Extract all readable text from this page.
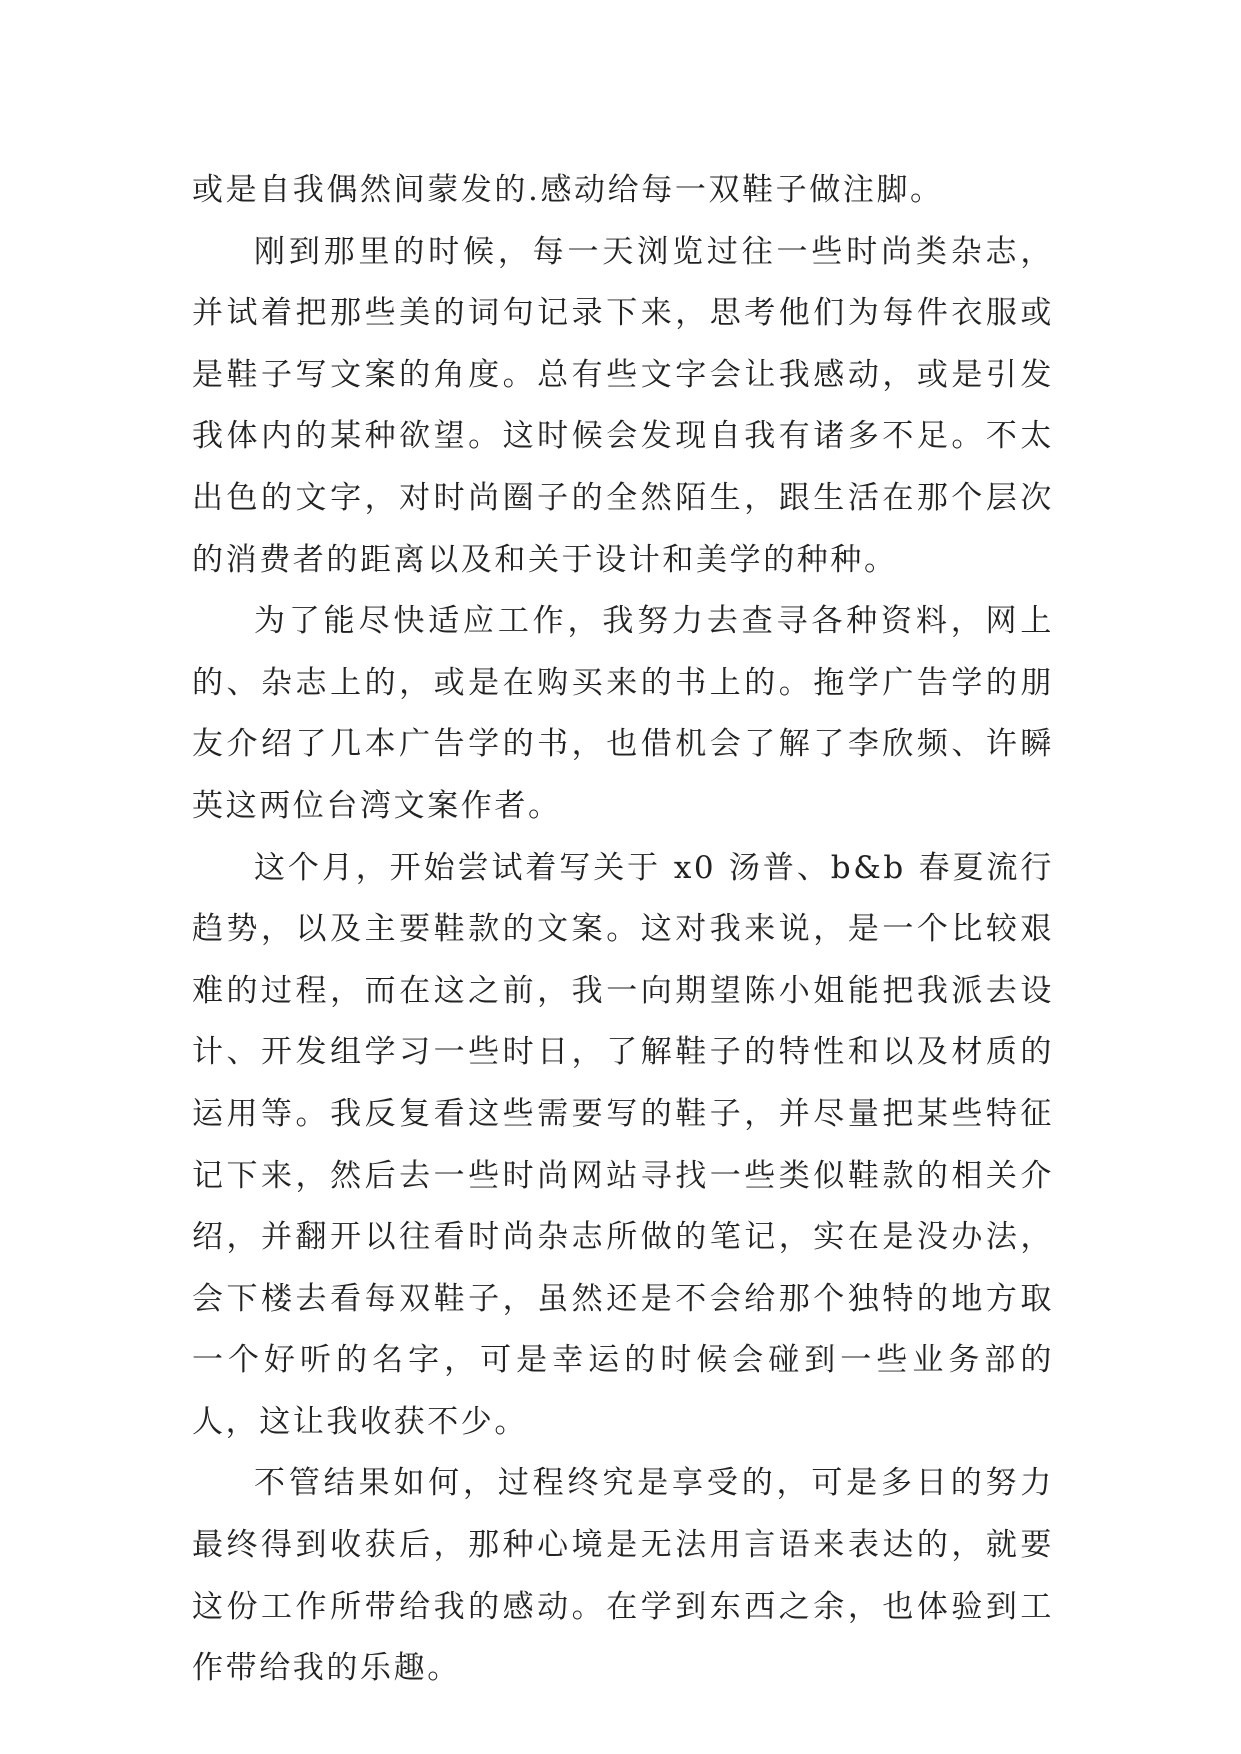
或是自我偶然间蒙发的.感动给每一双鞋子做注脚。

刚到那里的时候，每一天浏览过往一些时尚类杂志，并试着把那些美的词句记录下来，思考他们为每件衣服或是鞋子写文案的角度。总有些文字会让我感动，或是引发我体内的某种欲望。这时候会发现自我有诸多不足。不太出色的文字，对时尚圈子的全然陌生，跟生活在那个层次的消费者的距离以及和关于设计和美学的种种。

为了能尽快适应工作，我努力去查寻各种资料，网上的、杂志上的，或是在购买来的书上的。拖学广告学的朋友介绍了几本广告学的书，也借机会了解了李欣频、许瞬英这两位台湾文案作者。

这个月，开始尝试着写关于 x0 汤普、b&b 春夏流行趋势，以及主要鞋款的文案。这对我来说，是一个比较艰难的过程，而在这之前，我一向期望陈小姐能把我派去设计、开发组学习一些时日，了解鞋子的特性和以及材质的运用等。我反复看这些需要写的鞋子，并尽量把某些特征记下来，然后去一些时尚网站寻找一些类似鞋款的相关介绍，并翻开以往看时尚杂志所做的笔记，实在是没办法，会下楼去看每双鞋子，虽然还是不会给那个独特的地方取一个好听的名字，可是幸运的时候会碰到一些业务部的人，这让我收获不少。

不管结果如何，过程终究是享受的，可是多日的努力最终得到收获后，那种心境是无法用言语来表达的，就要这份工作所带给我的感动。在学到东西之余，也体验到工作带给我的乐趣。
